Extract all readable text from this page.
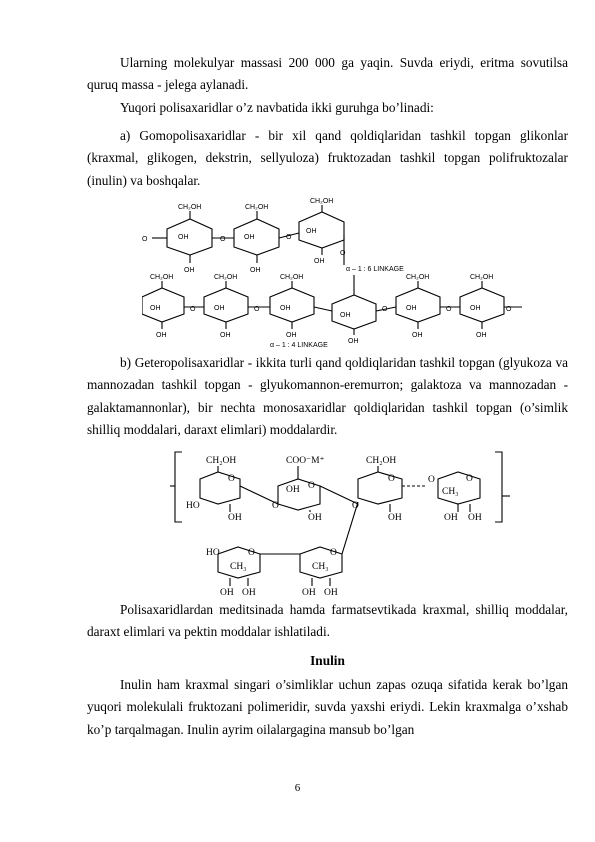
Ularning molekulyar massasi 200 000 ga yaqin. Suvda eriydi, eritma sovutilsa quruq massa - jelega aylanadi.
Yuqori polisaxaridlar o’z navbatida ikki guruhga bo’linadi:
a) Gomopolisaxaridlar - bir xil qand qoldiqlaridan tashkil topgan glikonlar (kraxmal, glikogen, dekstrin, sellyuloza) fruktozadan tashkil topgan polifruktozalar (inulin) va boshqalar.
CH₂OH	CH₂OH
CH₂OH
O	O	O
OH	OH
OH
OH	OH
OH
O
α – 1 : 6 LINKAGE
CH₂OH	CH₂OH	CH₂OH	CH₂OH	CH₂OH
OH	OH	OH
OH
OH	OH
OH	OH	OH
OH
OH	OH
O	O	O	O	O
α – 1 : 4 LINKAGE
b) Geteropolisaxaridlar - ikkita turli qand qoldiqlaridan tashkil topgan (glyukoza va mannozadan tashkil topgan - glyukomannon-eremurron; galaktoza va mannozadan - galaktamannonlar), bir nechta monosaxaridlar qoldiqlaridan tashkil topgan (o’simlik shilliq moddalari, daraxt elimlari) moddalardir.
CH₂OH	COO⁻M⁺	CH₂OH
HO
O
O
O	O
O	O
O
OH	CH₃
OH	OH	OH	OH OH
HO	O	O
CH₃	CH₃
OH OH	OH OH
Polisaxaridlardan meditsinada hamda farmatsevtikada kraxmal, shilliq moddalar, daraxt elimlari va pektin moddalar ishlatiladi.
Inulin
Inulin ham kraxmal singari o’simliklar uchun zapas ozuqa sifatida kerak bo’lgan yuqori molekulali fruktozani polimeridir, suvda yaxshi eriydi. Lekin kraxmalga o’xshab ko’p tarqalmagan. Inulin ayrim oilalargagina mansub bo’lgan
6
